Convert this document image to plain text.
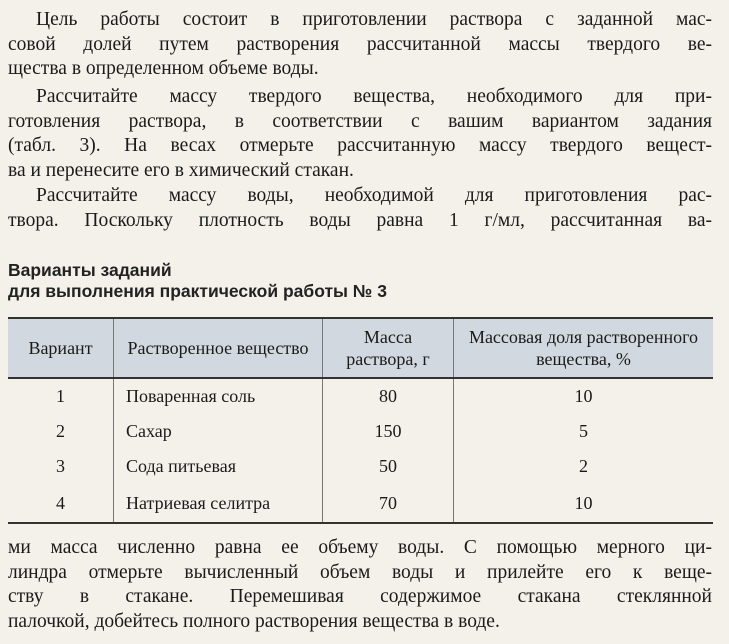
Цель работы состоит в приготовлении раствора с заданной мас-
совой долей путем растворения рассчитанной массы твердого ве-
щества в определенном объеме воды.
Рассчитайте массу твердого вещества, необходимого для при-
готовления раствора, в соответствии с вашим вариантом задания
(табл. 3). На весах отмерьте рассчитанную массу твердого вещест-
ва и перенесите его в химический стакан.
Рассчитайте массу воды, необходимой для приготовления рас-
твора. Поскольку плотность воды равна 1 г/мл, рассчитанная ва-
Варианты заданий
для выполнения практической работы № 3
Вариант	Растворенное вещество	Масса раствора, г	Массовая доля растворенного вещества, %
1	Поваренная соль	80	10
2	Сахар	150	5
3	Сода питьевая	50	2
4	Натриевая селитра	70	10
ми масса численно равна ее объему воды. С помощью мерного ци-
линдра отмерьте вычисленный объем воды и прилейте его к веще-
ству в стакане. Перемешивая содержимое стакана стеклянной
палочкой, добейтесь полного растворения вещества в воде.
